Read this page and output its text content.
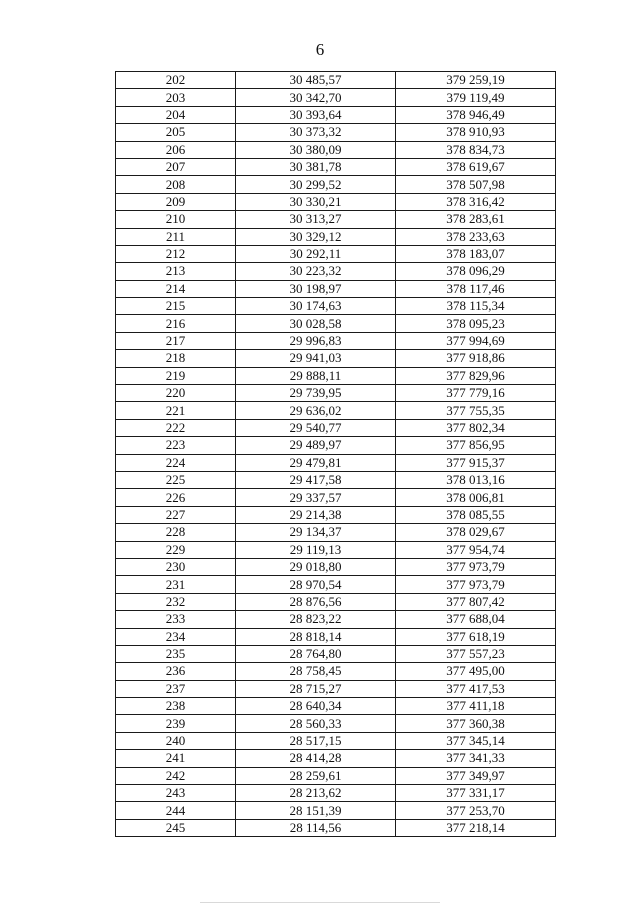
6
202	30 485,57	379 259,19
203	30 342,70	379 119,49
204	30 393,64	378 946,49
205	30 373,32	378 910,93
206	30 380,09	378 834,73
207	30 381,78	378 619,67
208	30 299,52	378 507,98
209	30 330,21	378 316,42
210	30 313,27	378 283,61
211	30 329,12	378 233,63
212	30 292,11	378 183,07
213	30 223,32	378 096,29
214	30 198,97	378 117,46
215	30 174,63	378 115,34
216	30 028,58	378 095,23
217	29 996,83	377 994,69
218	29 941,03	377 918,86
219	29 888,11	377 829,96
220	29 739,95	377 779,16
221	29 636,02	377 755,35
222	29 540,77	377 802,34
223	29 489,97	377 856,95
224	29 479,81	377 915,37
225	29 417,58	378 013,16
226	29 337,57	378 006,81
227	29 214,38	378 085,55
228	29 134,37	378 029,67
229	29 119,13	377 954,74
230	29 018,80	377 973,79
231	28 970,54	377 973,79
232	28 876,56	377 807,42
233	28 823,22	377 688,04
234	28 818,14	377 618,19
235	28 764,80	377 557,23
236	28 758,45	377 495,00
237	28 715,27	377 417,53
238	28 640,34	377 411,18
239	28 560,33	377 360,38
240	28 517,15	377 345,14
241	28 414,28	377 341,33
242	28 259,61	377 349,97
243	28 213,62	377 331,17
244	28 151,39	377 253,70
245	28 114,56	377 218,14
